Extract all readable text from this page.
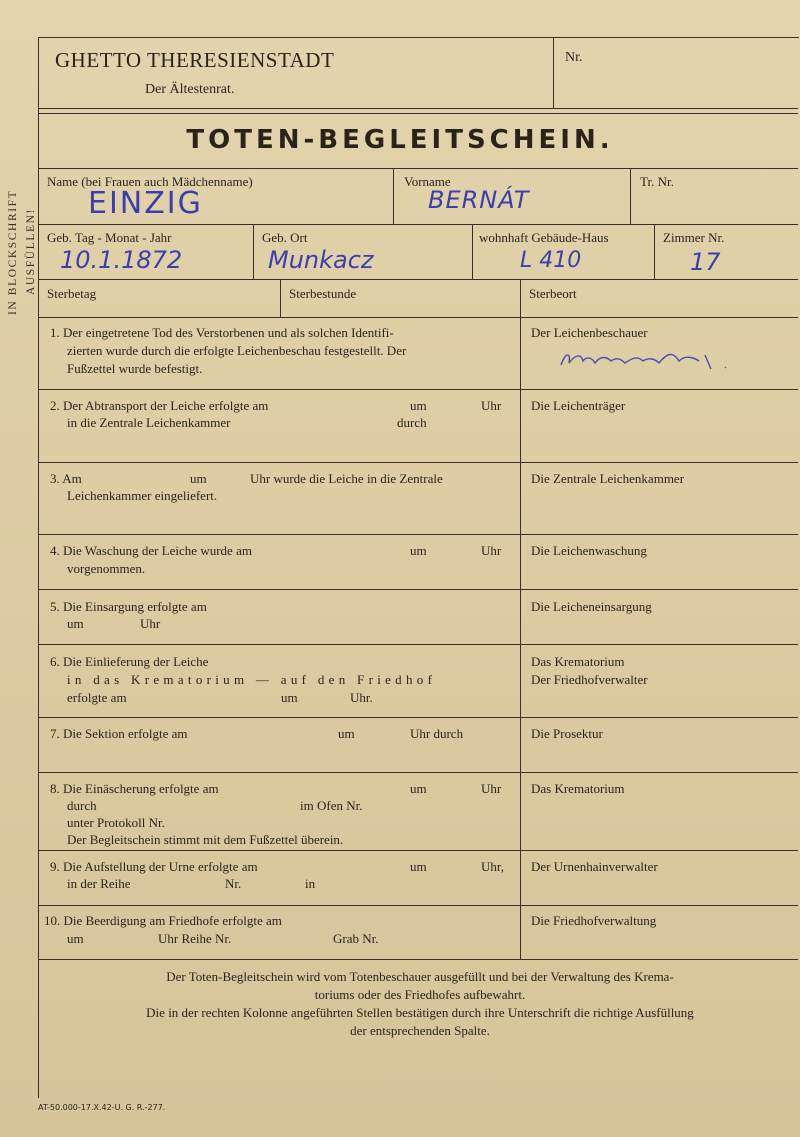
IN BLOCKSCHRIFT AUSFÜLLEN!
GHETTO THERESIENSTADT
Der Ältestenrat.
Nr.
TOTEN-BEGLEITSCHEIN.
Name (bei Frauen auch Mädchenname)
EINZIG
Vorname
BERNÁT
Tr. Nr.
Geb. Tag - Monat - Jahr
10.1.1872
Geb. Ort
Munkacz
wohnhaft Gebäude-Haus
L 410
Zimmer Nr.
17
Sterbetag	Sterbestunde	Sterbeort
1. Der eingetretene Tod des Verstorbenen und als solchen Identifi-
zierten wurde durch die erfolgte Leichenbeschau festgestellt. Der
Fußzettel wurde befestigt.
Der Leichenbeschauer
2. Der Abtransport der Leiche erfolgte am	um	Uhr
in die Zentrale Leichenkammer	durch
Die Leichenträger
3. Am	um	Uhr wurde die Leiche in die Zentrale
Leichenkammer eingeliefert.
Die Zentrale Leichenkammer
4. Die Waschung der Leiche wurde am	um	Uhr
vorgenommen.
Die Leichenwaschung
5. Die Einsargung erfolgte am
um	Uhr
Die Leicheneinsargung
6. Die Einlieferung der Leiche
in das Krematorium — auf den Friedhof
erfolgte am	um	Uhr.
Das Krematorium
Der Friedhofverwalter
7. Die Sektion erfolgte am	um	Uhr durch	Die Prosektur
8. Die Einäscherung erfolgte am	um	Uhr
durch	im Ofen Nr.
unter Protokoll Nr.
Der Begleitschein stimmt mit dem Fußzettel überein.
Das Krematorium
9. Die Aufstellung der Urne erfolgte am	um	Uhr,
in der Reihe	Nr.	in
Der Urnenhainverwalter
10. Die Beerdigung am Friedhofe erfolgte am
um	Uhr Reihe Nr.	Grab Nr.
Die Friedhofverwaltung
Der Toten-Begleitschein wird vom Totenbeschauer ausgefüllt und bei der Verwaltung des Krema-
toriums oder des Friedhofes aufbewahrt.
Die in der rechten Kolonne angeführten Stellen bestätigen durch ihre Unterschrift die richtige Ausfüllung
der entsprechenden Spalte.
AT-50.000-17.X.42-U. G. R.-277.
